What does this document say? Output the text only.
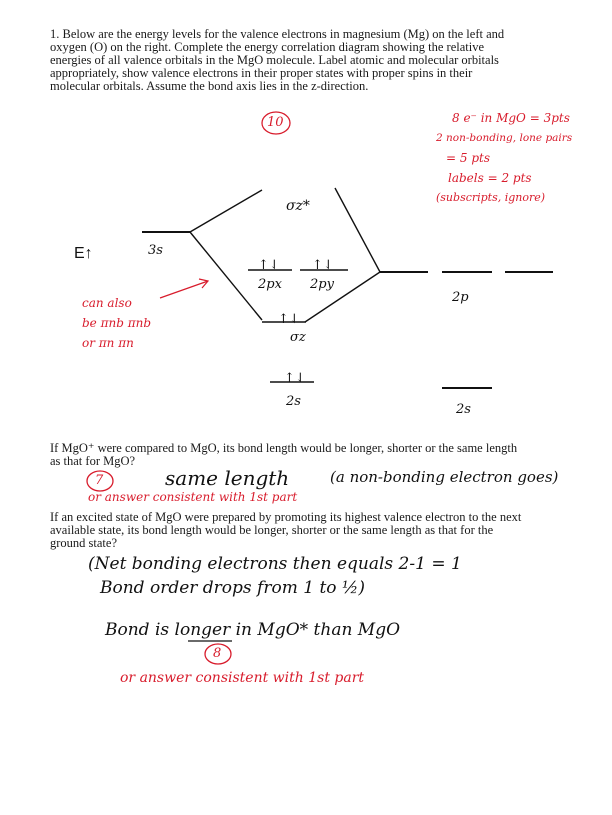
1. Below are the energy levels for the valence electrons in magnesium (Mg) on the left and
oxygen (O) on the right. Complete the energy correlation diagram showing the relative
energies of all valence orbitals in the MgO molecule. Label atomic and molecular orbitals
appropriately, show valence electrons in their proper states with proper spins in their
molecular orbitals. Assume the bond axis lies in the z-direction.
10	8 e⁻ in MgO = 3pts
2 non-bonding, lone pairs
= 5 pts
labels = 2 pts
(subscripts, ignore)
can also
be πnb πnb
or πn πn
E↑	3s
σz*
↑⇃ ↑⇃
2px 2py
↑⇃
σz
↑⇃
2s
2p
2s
If MgO⁺ were compared to MgO, its bond length would be longer, shorter or the same length
as that for MgO?
7	same length	(a non-bonding electron goes)
or answer consistent with 1st part
If an excited state of MgO were prepared by promoting its highest valence electron to the next
available state, its bond length would be longer, shorter or the same length as that for the
ground state?
(Net bonding electrons then equals 2-1 = 1
Bond order drops from 1 to ½)
Bond is longer in MgO* than MgO
8
or answer consistent with 1st part
